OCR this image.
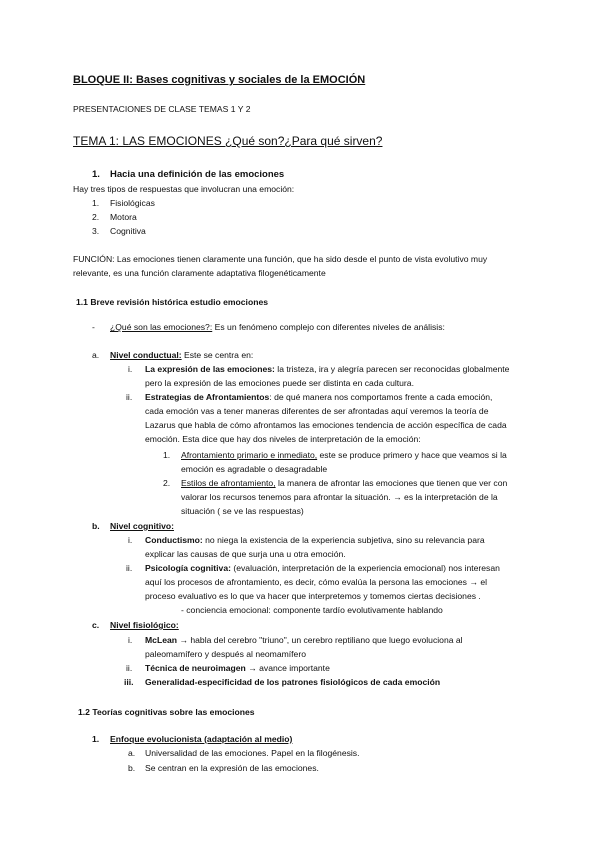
BLOQUE II: Bases cognitivas y sociales de la EMOCIÓN
PRESENTACIONES DE CLASE TEMAS 1 Y 2
TEMA 1: LAS EMOCIONES ¿Qué son?¿Para qué sirven?
1. Hacia una definición de las emociones
Hay tres tipos de respuestas que involucran una emoción:
1. Fisiológicas
2. Motora
3. Cognitiva
FUNCIÓN: Las emociones tienen claramente una función, que ha sido desde el punto de vista evolutivo muy
relevante, es una función claramente adaptativa filogenéticamente
1.1 Breve revisión histórica estudio emociones
- ¿Qué son las emociones?: Es un fenómeno complejo con diferentes niveles de análisis:
a. Nivel conductual: Este se centra en:
i. La expresión de las emociones: la tristeza, ira y alegría parecen ser reconocidas globalmente
pero la expresión de las emociones puede ser distinta en cada cultura.
ii. Estrategias de Afrontamientos: de qué manera nos comportamos frente a cada emoción,
cada emoción vas a tener maneras diferentes de ser afrontadas aquí veremos la teoría de
Lazarus que habla de cómo afrontamos las emociones tendencia de acción específica de cada
emoción. Esta dice que hay dos niveles de interpretación de la emoción:
1. Afrontamiento primario e inmediato, este se produce primero y hace que veamos si la
emoción es agradable o desagradable
2. Estilos de afrontamiento, la manera de afrontar las emociones que tienen que ver con
valorar los recursos tenemos para afrontar la situación. → es la interpretación de la
situación ( se ve las respuestas)
b. Nivel cognitivo:
i. Conductismo: no niega la existencia de la experiencia subjetiva, sino su relevancia para
explicar las causas de que surja una u otra emoción.
ii. Psicología cognitiva: (evaluación, interpretación de la experiencia emocional) nos interesan
aquí los procesos de afrontamiento, es decir, cómo evalúa la persona las emociones → el
proceso evaluativo es lo que va hacer que interpretemos y tomemos ciertas decisiones .
- conciencia emocional: componente tardío evolutivamente hablando
c. Nivel fisiológico:
i. McLean → habla del cerebro "triuno", un cerebro reptiliano que luego evoluciona al
paleomamífero y después al neomamífero
ii. Técnica de neuroimagen → avance importante
iii. Generalidad-especificidad de los patrones fisiológicos de cada emoción
1.2 Teorías cognitivas sobre las emociones
1. Enfoque evolucionista (adaptación al medio)
a. Universalidad de las emociones. Papel en la filogénesis.
b. Se centran en la expresión de las emociones.
